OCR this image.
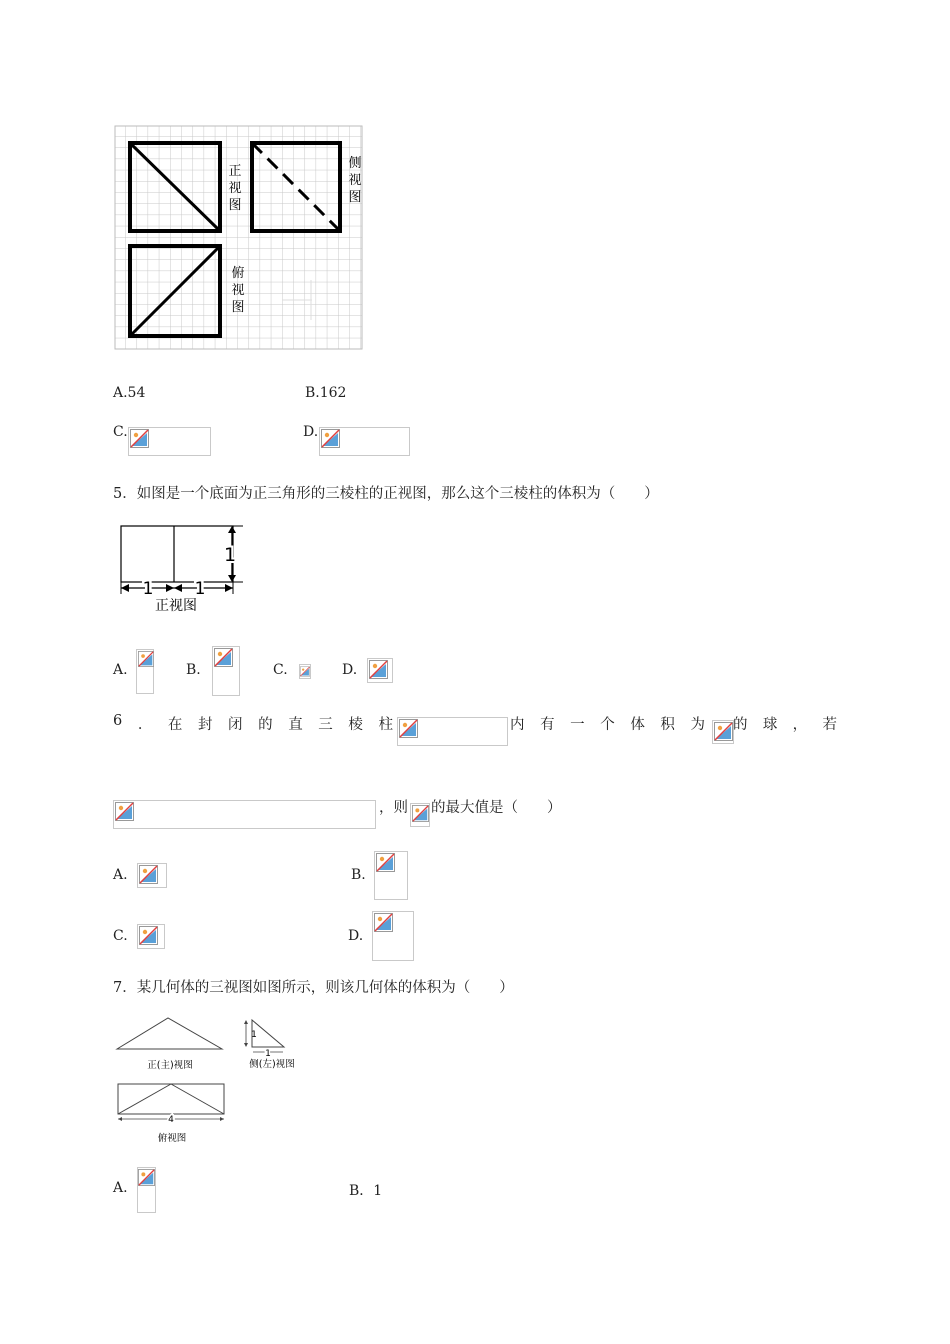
正
视
图
侧
视
图
俯
视
图
A.54	B.162
C.	D.
5．如图是一个底面为正三角形的三棱柱的正视图，那么这个三棱柱的体积为（　　）
1
1 1
正视图
A.	B.	C.	D.
6 ． 在 封 闭 的 直 三 棱 柱	内 有 一 个 体 积 为 的 球 ， 若
，则 的最大值是（　　）
A.	B.
C.	D.
7．某几何体的三视图如图所示，则该几何体的体积为（　　）
正(主)视图
1
1
侧(左)视图
4
俯视图
A.	B．1
